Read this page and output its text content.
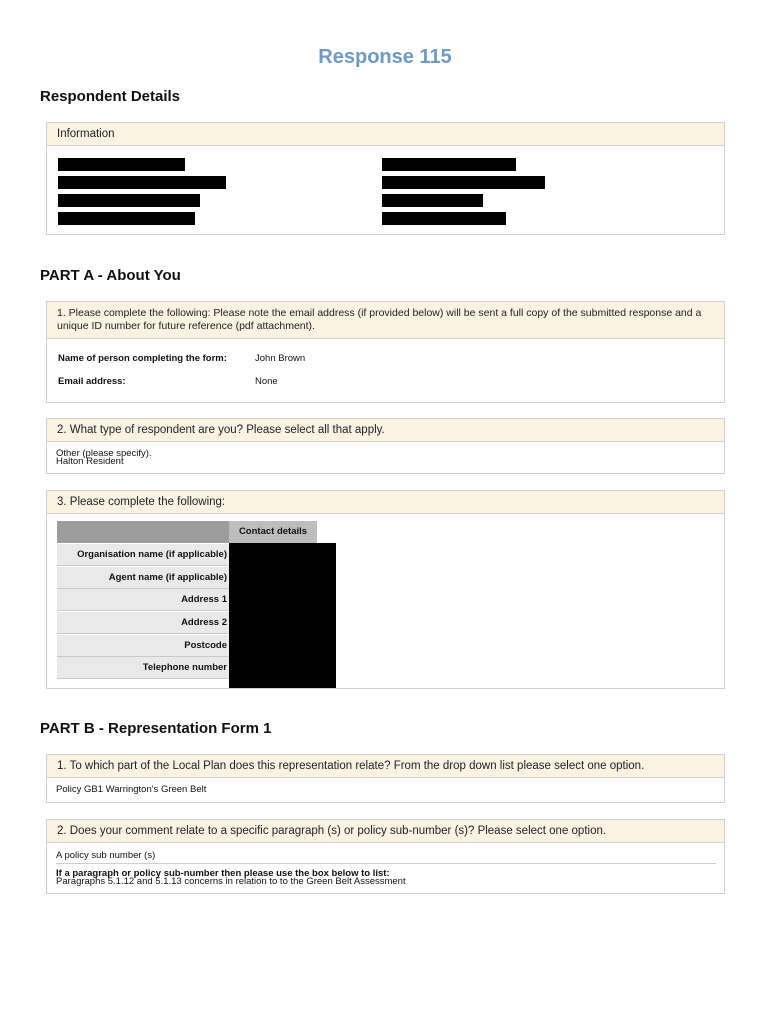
Response 115
Respondent Details
Information
PART A - About You
1. Please complete the following: Please note the email address (if provided below) will be sent a full copy of the submitted response and a unique ID number for future reference (pdf attachment).
Name of person completing the form:	John Brown
Email address:	None
2. What type of respondent are you? Please select all that apply.
Other (please specify).
Halton Resident
3. Please complete the following:
Contact details
Organisation name (if applicable)
Agent name (if applicable)
Address 1
Address 2
Postcode
Telephone number
PART B - Representation Form 1
1. To which part of the Local Plan does this representation relate? From the drop down list please select one option.
Policy GB1 Warrington's Green Belt
2. Does your comment relate to a specific paragraph (s) or policy sub-number (s)? Please select one option.
A policy sub number (s)
If a paragraph or policy sub-number then please use the box below to list:
Paragraphs 5.1.12 and 5.1.13 concerns in relation to to the Green Belt Assessment
